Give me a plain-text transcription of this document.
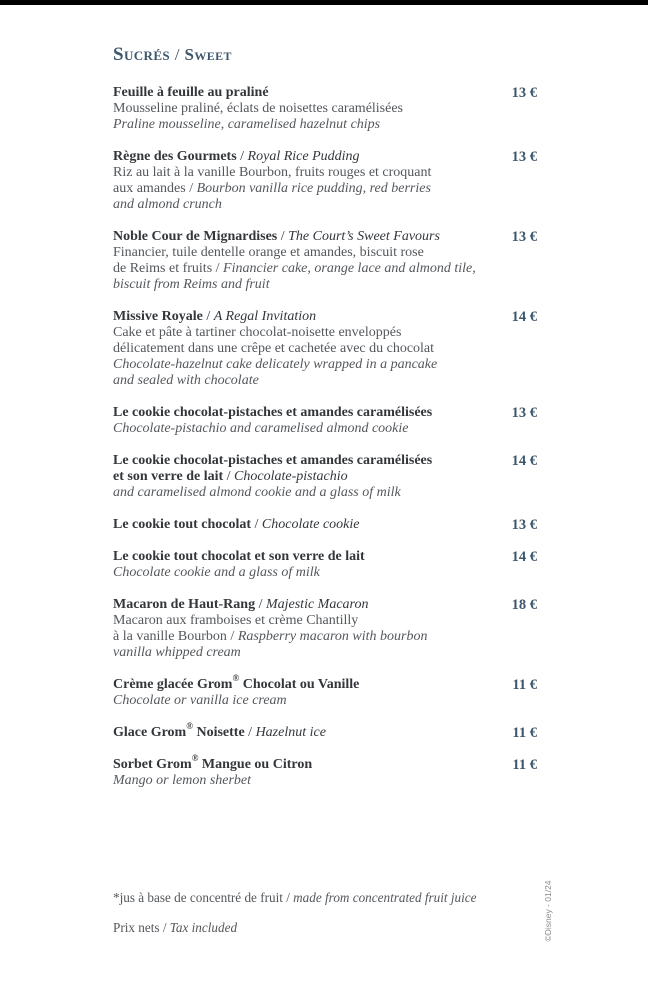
Sucrés / Sweet
Feuille à feuille au praliné
Mousseline praliné, éclats de noisettes caramélisées
Praline mousseline, caramelised hazelnut chips
13 €
Règne des Gourmets / Royal Rice Pudding
Riz au lait à la vanille Bourbon, fruits rouges et croquant
aux amandes / Bourbon vanilla rice pudding, red berries
and almond crunch
13 €
Noble Cour de Mignardises / The Court’s Sweet Favours
Financier, tuile dentelle orange et amandes, biscuit rose
de Reims et fruits / Financier cake, orange lace and almond tile,
biscuit from Reims and fruit
13 €
Missive Royale / A Regal Invitation
Cake et pâte à tartiner chocolat-noisette enveloppés
délicatement dans une crêpe et cachetée avec du chocolat
Chocolate-hazelnut cake delicately wrapped in a pancake
and sealed with chocolate
14 €
Le cookie chocolat-pistaches et amandes caramélisées
Chocolate-pistachio and caramelised almond cookie
13 €
Le cookie chocolat-pistaches et amandes caramélisées
et son verre de lait / Chocolate-pistachio
and caramelised almond cookie and a glass of milk
14 €
Le cookie tout chocolat / Chocolate cookie	13 €
Le cookie tout chocolat et son verre de lait
Chocolate cookie and a glass of milk
14 €
Macaron de Haut-Rang / Majestic Macaron
Macaron aux framboises et crème Chantilly
à la vanille Bourbon / Raspberry macaron with bourbon
vanilla whipped cream
18 €
Crème glacée Grom® Chocolat ou Vanille
Chocolate or vanilla ice cream
11 €
Glace Grom® Noisette / Hazelnut ice	11 €
Sorbet Grom® Mangue ou Citron
Mango or lemon sherbet
11 €
*jus à base de concentré de fruit / made from concentrated fruit juice
Prix nets / Tax included	©Disney - 01/24
